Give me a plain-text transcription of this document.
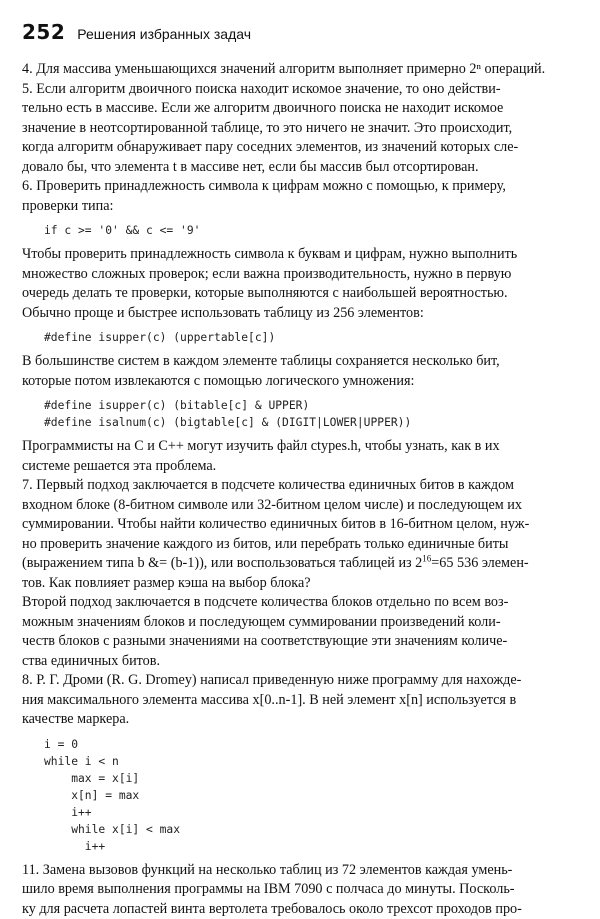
252 Решения избранных задач

4. Для массива уменьшающихся значений алгоритм выполняет примерно 2ⁿ операций.

5. Если алгоритм двоичного поиска находит искомое значение, то оно действи-
тельно есть в массиве. Если же алгоритм двоичного поиска не находит искомое
значение в неотсортированной таблице, то это ничего не значит. Это происходит,
когда алгоритм обнаруживает пару соседних элементов, из значений которых сле-
довало бы, что элемента t в массиве нет, если бы массив был отсортирован.

6. Проверить принадлежность символа к цифрам можно с помощью, к примеру,
проверки типа:

if c >= '0' && c <= '9'

Чтобы проверить принадлежность символа к буквам и цифрам, нужно выполнить
множество сложных проверок; если важна производительность, нужно в первую
очередь делать те проверки, которые выполняются с наибольшей вероятностью.
Обычно проще и быстрее использовать таблицу из 256 элементов:

#define isupper(c) (uppertable[c])

В большинстве систем в каждом элементе таблицы сохраняется несколько бит,
которые потом извлекаются с помощью логического умножения:

#define isupper(c) (bitable[c] & UPPER)
#define isalnum(c) (bigtable[c] & (DIGIT|LOWER|UPPER))

Программисты на C и C++ могут изучить файл ctypes.h, чтобы узнать, как в их
системе решается эта проблема.

7. Первый подход заключается в подсчете количества единичных битов в каждом
входном блоке (8-битном символе или 32-битном целом числе) и последующем их
суммировании. Чтобы найти количество единичных битов в 16-битном целом, нуж-
но проверить значение каждого из битов, или перебрать только единичные биты
(выражением типа b &= (b-1)), или воспользоваться таблицей из $2^{16}=65$ 536 элемен-
тов. Как повлияет размер кэша на выбор блока?

Второй подход заключается в подсчете количества блоков отдельно по всем воз-
можным значениям блоков и последующем суммировании произведений коли-
честв блоков с разными значениями на соответствующие эти значениям количе-
ства единичных битов.

8. Р. Г. Дроми (R. G. Dromey) написал приведенную ниже программу для нахожде-
ния максимального элемента массива x[0..n-1]. В ней элемент x[n] используется в
качестве маркера.

i = 0
while i < n
max = x[i]
x[n] = max
i++
while x[i] < max
i++

11. Замена вызовов функций на несколько таблиц из 72 элементов каждая умень-
шило время выполнения программы на IBM 7090 с полчаса до минуты. Посколь-
ку для расчета лопастей винта вертолета требовалось около трехсот проходов про-
